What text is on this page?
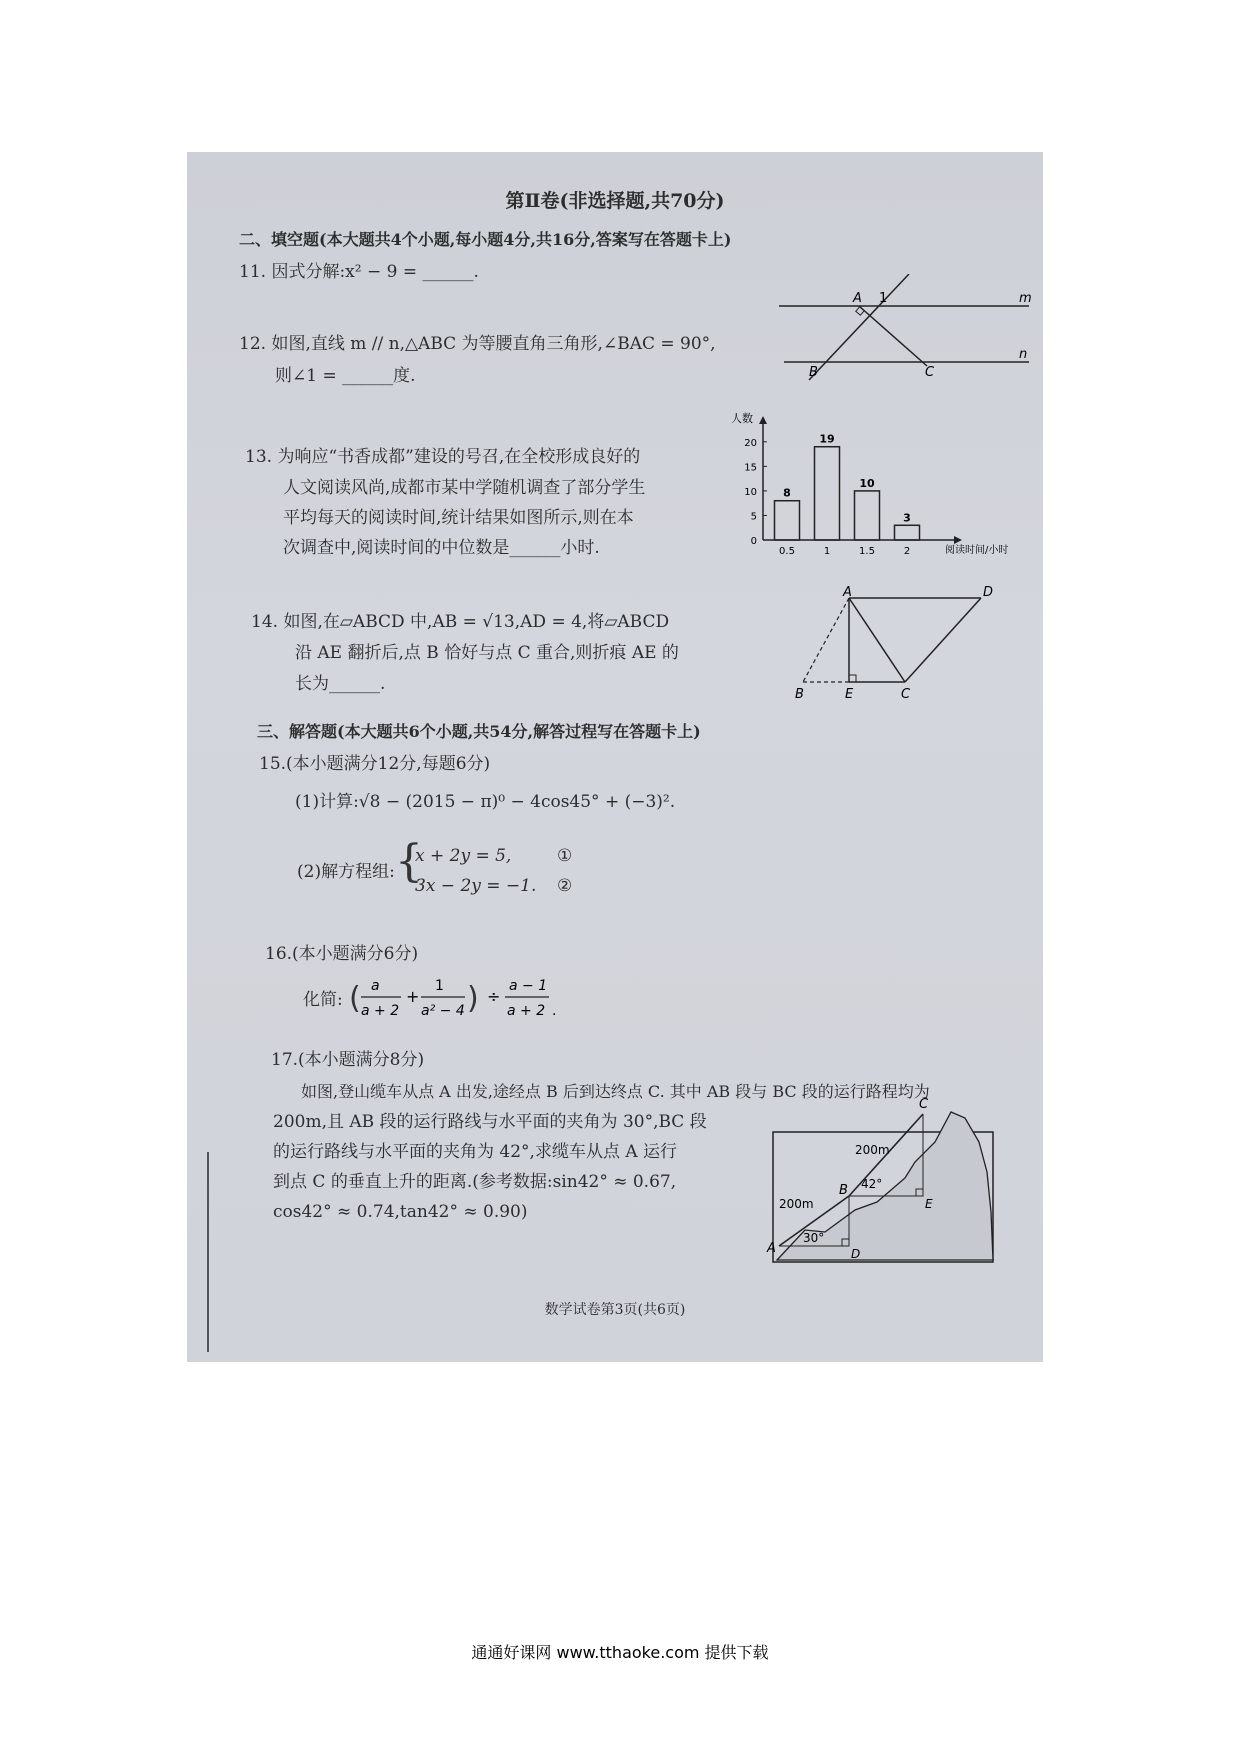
第Ⅱ卷(非选择题,共70分)
二、填空题(本大题共4个小题,每小题4分,共16分,答案写在答题卡上)
11. 因式分解:x² − 9 = ______.
12. 如图,直线 m // n,△ABC 为等腰直角三角形,∠BAC = 90°,
则∠1 = ______度.
A 1	m
B	C
n
13. 为响应“书香成都”建设的号召,在全校形成良好的
人文阅读风尚,成都市某中学随机调查了部分学生
平均每天的阅读时间,统计结果如图所示,则在本
次调查中,阅读时间的中位数是______小时.
人数
阅读时间/小时
0
5
10
15
20
8
0.5
19
1
10
1.5
3
2
14. 如图,在▱ABCD 中,AB = √13,AD = 4,将▱ABCD
沿 AE 翻折后,点 B 恰好与点 C 重合,则折痕 AE 的
长为______.
A	D
B	E	C
三、解答题(本大题共6个小题,共54分,解答过程写在答题卡上)
15.(本小题满分12分,每题6分)
(1)计算:√8 − (2015 − π)⁰ − 4cos45° + (−3)².
(2)解方程组: {
x + 2y = 5,	①
3x − 2y = −1. ②
16.(本小题满分6分)
化简: ( a
a + 2
+
1
a² − 4 ) ÷
a − 1
a + 2 .
17.(本小题满分8分)
如图,登山缆车从点 A 出发,途经点 B 后到达终点 C. 其中 AB 段与 BC 段的运行路程均为
200m,且 AB 段的运行路线与水平面的夹角为 30°,BC 段
的运行路线与水平面的夹角为 42°,求缆车从点 A 运行
到点 C 的垂直上升的距离.(参考数据:sin42° ≈ 0.67,
cos42° ≈ 0.74,tan42° ≈ 0.90)
C
B
A	D
E
200m
200m
42°
30°
数学试卷第3页(共6页)
通通好课网 www.tthaoke.com 提供下载
